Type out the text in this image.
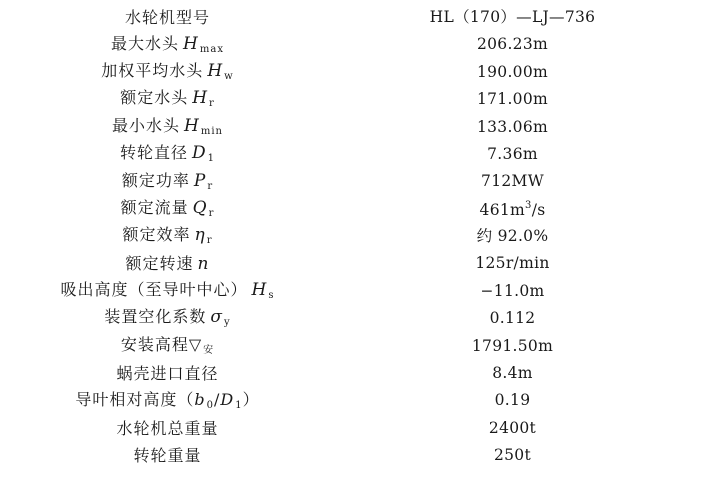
水轮机型号	HL（170）—LJ—736
最大水头 $H_{max}$	206.23m
加权平均水头 $H_w$	190.00m
额定水头 $H_r$	171.00m
最小水头 $H_{min}$	133.06m
转轮直径 $D_1$	7.36m
额定功率 $P_r$	712MW
额定流量 $Q_r$	$461m^3/s$
额定效率 $\eta_r$	约 92.0%
额定转速 n	125r/min
吸出高度（至导叶中心） $H_s$	−11.0m
装置空化系数 $\sigma_y$	0.112
安装高程$▽_安$	1791.50m
蜗壳进口直径	8.4m
导叶相对高度$(b_0/D_1)$	0.19
水轮机总重量	2400t
转轮重量	250t
